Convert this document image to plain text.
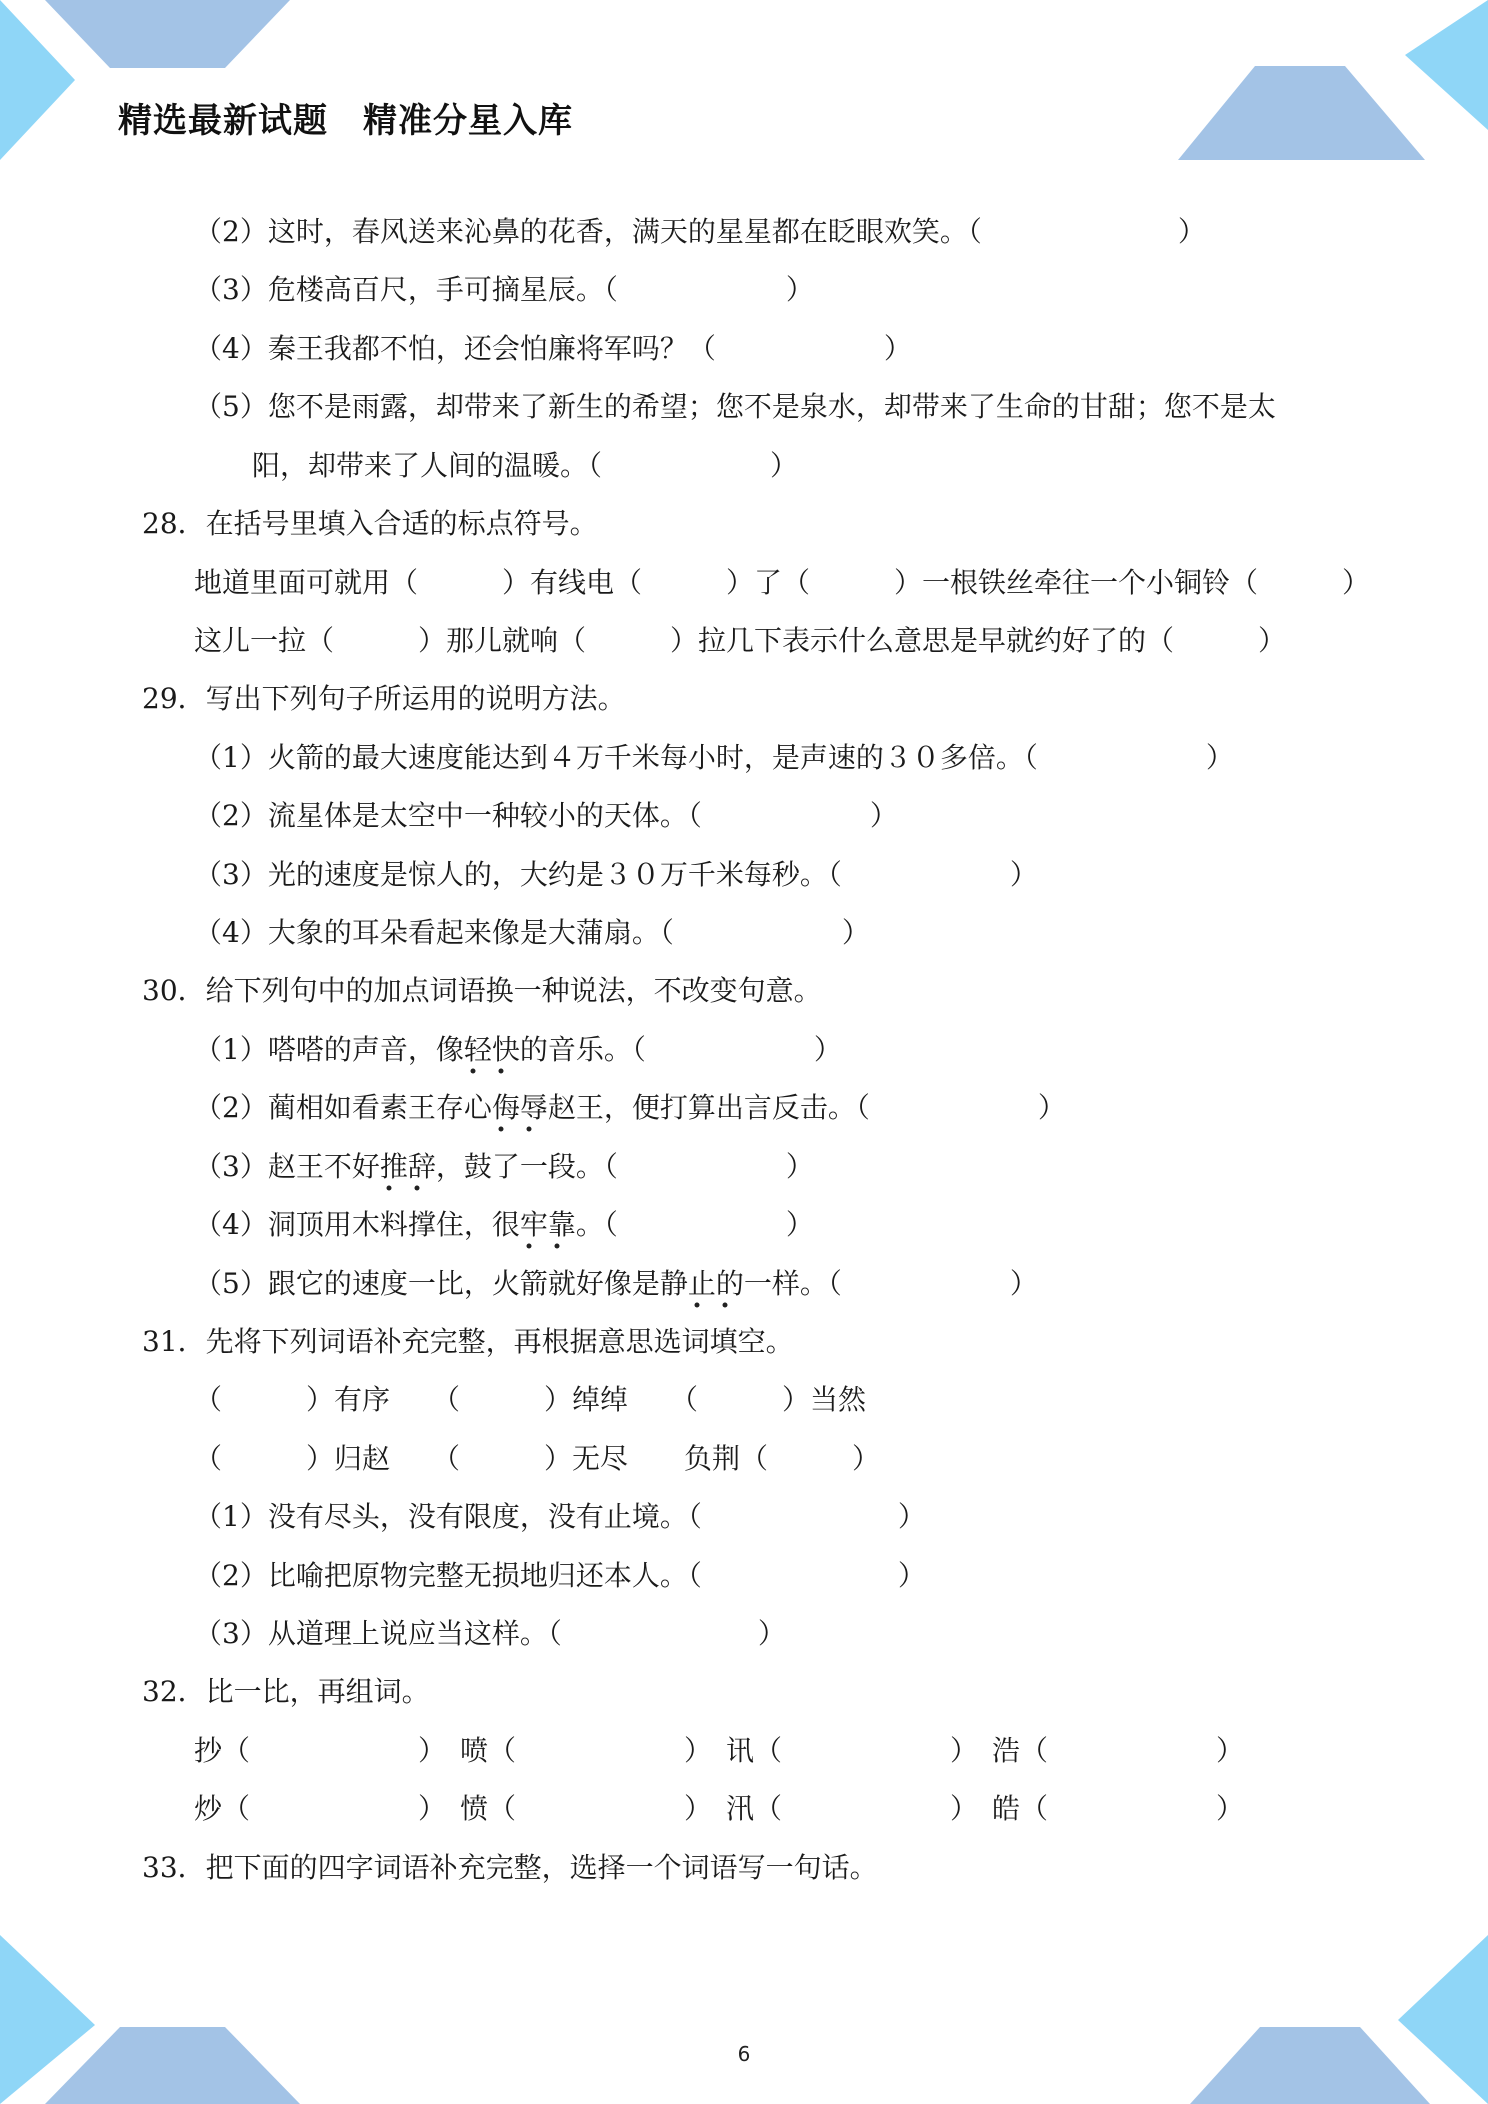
精选最新试题　精准分星入库
（2）这时，春风送来沁鼻的花香，满天的星星都在眨眼欢笑。（　　　　　　　）
（3）危楼高百尺，手可摘星辰。（　　　　　　）
（4）秦王我都不怕，还会怕廉将军吗？（　　　　　　）
（5）您不是雨露，却带来了新生的希望；您不是泉水，却带来了生命的甘甜；您不是太
阳，却带来了人间的温暖。（　　　　　　）
28．在括号里填入合适的标点符号。
地道里面可就用（　　　）有线电（　　　）了（　　　）一根铁丝牵往一个小铜铃（　　　）
这儿一拉（　　　）那儿就响（　　　）拉几下表示什么意思是早就约好了的（　　　）
29．写出下列句子所运用的说明方法。
（1）火箭的最大速度能达到４万千米每小时，是声速的３０多倍。（　　　　　　）
（2）流星体是太空中一种较小的天体。（　　　　　　）
（3）光的速度是惊人的，大约是３０万千米每秒。（　　　　　　）
（4）大象的耳朵看起来像是大蒲扇。（　　　　　　）
30．给下列句中的加点词语换一种说法，不改变句意。
（1）嗒嗒的声音，像轻快的音乐。（　　　　　　）
（2）蔺相如看素王存心侮辱赵王，便打算出言反击。（　　　　　　）
（3）赵王不好推辞，鼓了一段。（　　　　　　）
（4）洞顶用木料撑住，很牢靠。（　　　　　　）
（5）跟它的速度一比，火箭就好像是静止的一样。（　　　　　　）
31．先将下列词语补充完整，再根据意思选词填空。
（　　　）有序　　（　　　）绰绰　　（　　　）当然
（　　　）归赵　　（　　　）无尽　　负荆（　　　）
（1）没有尽头，没有限度，没有止境。（　　　　　　　）
（2）比喻把原物完整无损地归还本人。（　　　　　　　）
（3）从道理上说应当这样。（　　　　　　　）
32．比一比，再组词。
抄（　　　　　　）　喷（　　　　　　）　讯（　　　　　　）　浩（　　　　　　）
炒（　　　　　　）　愤（　　　　　　）　汛（　　　　　　）　皓（　　　　　　）
33．把下面的四字词语补充完整，选择一个词语写一句话。
6
